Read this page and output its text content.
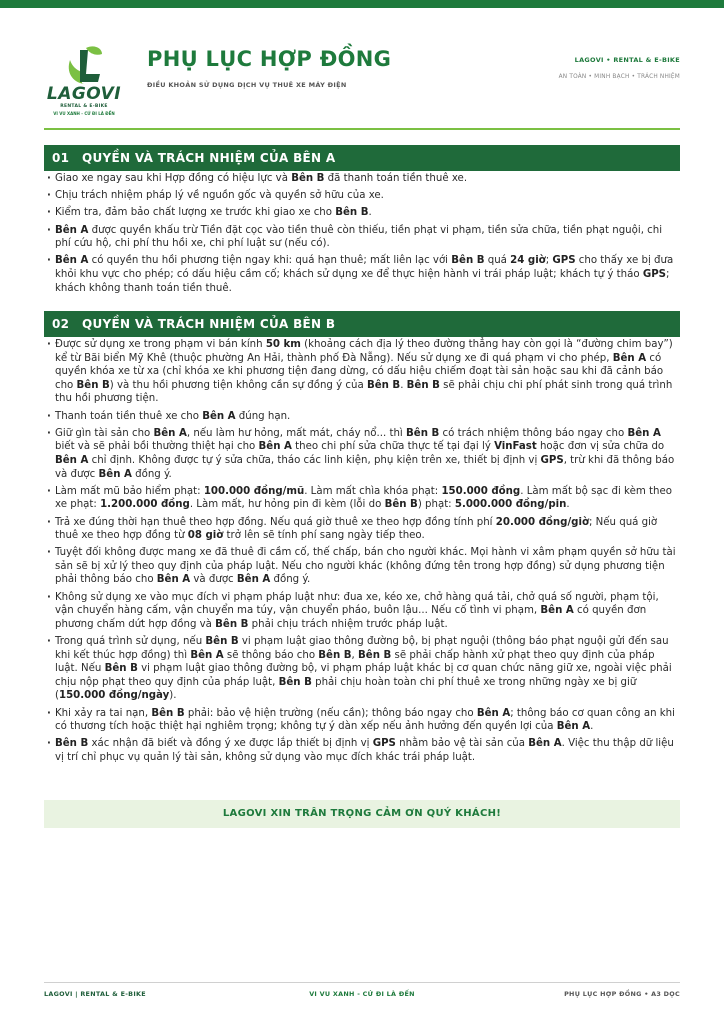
LAGOVI
RENTAL & E-BIKE
VI VU XANH - CỨ ĐI LÀ ĐẾN
PHỤ LỤC HỢP ĐỒNG
ĐIỀU KHOẢN SỬ DỤNG DỊCH VỤ THUÊ XE MÁY ĐIỆN
LAGOVI • RENTAL & E-BIKE
AN TOÀN • MINH BẠCH • TRÁCH NHIỆM
01 QUYỀN VÀ TRÁCH NHIỆM CỦA BÊN A
· Giao xe ngay sau khi Hợp đồng có hiệu lực và Bên B đã thanh toán tiền thuê xe.
· Chịu trách nhiệm pháp lý về nguồn gốc và quyền sở hữu của xe.
· Kiểm tra, đảm bảo chất lượng xe trước khi giao xe cho Bên B.
· Bên A được quyền khấu trừ Tiền đặt cọc vào tiền thuê còn thiếu, tiền phạt vi phạm, tiền sửa chữa, tiền phạt nguội, chi phí cứu hộ, chi phí thu hồi xe, chi phí luật sư (nếu có).
· Bên A có quyền thu hồi phương tiện ngay khi: quá hạn thuê; mất liên lạc với Bên B quá 24 giờ; GPS cho thấy xe bị đưa khỏi khu vực cho phép; có dấu hiệu cầm cố; khách sử dụng xe để thực hiện hành vi trái pháp luật; khách tự ý tháo GPS; khách không thanh toán tiền thuê.
02 QUYỀN VÀ TRÁCH NHIỆM CỦA BÊN B
· Được sử dụng xe trong phạm vi bán kính 50 km (khoảng cách địa lý theo đường thẳng hay còn gọi là “đường chim bay”) kể từ Bãi biển Mỹ Khê (thuộc phường An Hải, thành phố Đà Nẵng). Nếu sử dụng xe đi quá phạm vi cho phép, Bên A có quyền khóa xe từ xa (chỉ khóa xe khi phương tiện đang dừng, có dấu hiệu chiếm đoạt tài sản hoặc sau khi đã cảnh báo cho Bên B) và thu hồi phương tiện không cần sự đồng ý của Bên B. Bên B sẽ phải chịu chi phí phát sinh trong quá trình thu hồi phương tiện.
· Thanh toán tiền thuê xe cho Bên A đúng hạn.
· Giữ gìn tài sản cho Bên A, nếu làm hư hỏng, mất mát, cháy nổ... thì Bên B có trách nhiệm thông báo ngay cho Bên A biết và sẽ phải bồi thường thiệt hại cho Bên A theo chi phí sửa chữa thực tế tại đại lý VinFast hoặc đơn vị sửa chữa do Bên A chỉ định. Không được tự ý sửa chữa, tháo các linh kiện, phụ kiện trên xe, thiết bị định vị GPS, trừ khi đã thông báo và được Bên A đồng ý.
· Làm mất mũ bảo hiểm phạt: 100.000 đồng/mũ. Làm mất chìa khóa phạt: 150.000 đồng. Làm mất bộ sạc đi kèm theo xe phạt: 1.200.000 đồng. Làm mất, hư hỏng pin đi kèm (lỗi do Bên B) phạt: 5.000.000 đồng/pin.
· Trả xe đúng thời hạn thuê theo hợp đồng. Nếu quá giờ thuê xe theo hợp đồng tính phí 20.000 đồng/giờ; Nếu quá giờ thuê xe theo hợp đồng từ 08 giờ trở lên sẽ tính phí sang ngày tiếp theo.
· Tuyệt đối không được mang xe đã thuê đi cầm cố, thế chấp, bán cho người khác. Mọi hành vi xâm phạm quyền sở hữu tài sản sẽ bị xử lý theo quy định của pháp luật. Nếu cho người khác (không đứng tên trong hợp đồng) sử dụng phương tiện phải thông báo cho Bên A và được Bên A đồng ý.
· Không sử dụng xe vào mục đích vi phạm pháp luật như: đua xe, kéo xe, chở hàng quá tải, chở quá số người, phạm tội, vận chuyển hàng cấm, vận chuyển ma túy, vận chuyển pháo, buôn lậu... Nếu cố tình vi phạm, Bên A có quyền đơn phương chấm dứt hợp đồng và Bên B phải chịu trách nhiệm trước pháp luật.
· Trong quá trình sử dụng, nếu Bên B vi phạm luật giao thông đường bộ, bị phạt nguội (thông báo phạt nguội gửi đến sau khi kết thúc hợp đồng) thì Bên A sẽ thông báo cho Bên B, Bên B sẽ phải chấp hành xử phạt theo quy định của pháp luật. Nếu Bên B vi phạm luật giao thông đường bộ, vi phạm pháp luật khác bị cơ quan chức năng giữ xe, ngoài việc phải chịu nộp phạt theo quy định của pháp luật, Bên B phải chịu hoàn toàn chi phí thuê xe trong những ngày xe bị giữ (150.000 đồng/ngày).
· Khi xảy ra tai nạn, Bên B phải: bảo vệ hiện trường (nếu cần); thông báo ngay cho Bên A; thông báo cơ quan công an khi có thương tích hoặc thiệt hại nghiêm trọng; không tự ý dàn xếp nếu ảnh hưởng đến quyền lợi của Bên A.
· Bên B xác nhận đã biết và đồng ý xe được lắp thiết bị định vị GPS nhằm bảo vệ tài sản của Bên A. Việc thu thập dữ liệu vị trí chỉ phục vụ quản lý tài sản, không sử dụng vào mục đích khác trái pháp luật.
LAGOVI XIN TRÂN TRỌNG CẢM ƠN QUÝ KHÁCH!
LAGOVI | RENTAL & E-BIKE	VI VU XANH - CỨ ĐI LÀ ĐẾN	PHỤ LỤC HỢP ĐỒNG • A3 DỌC
